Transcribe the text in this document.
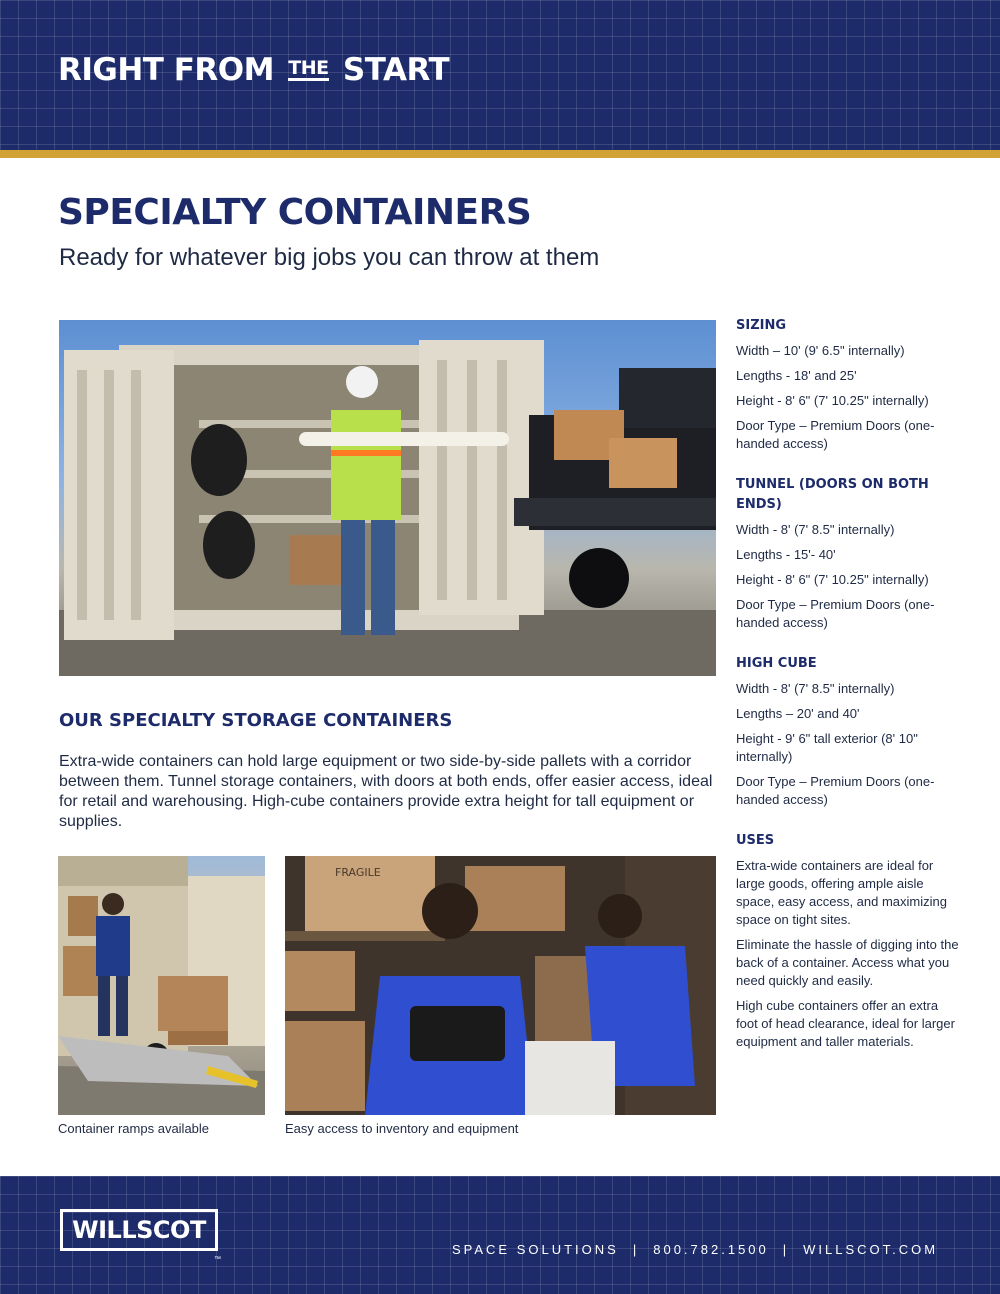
RIGHT FROM THE START
SPECIALTY CONTAINERS
Ready for whatever big jobs you can throw at them
OUR SPECIALTY STORAGE CONTAINERS
Extra-wide containers can hold large equipment or two side-by-side pallets with a corridor between them. Tunnel storage containers, with doors at both ends, offer easier access, ideal for retail and warehousing. High-cube containers provide extra height for tall equipment or supplies.
Container ramps available
FRAGILE
Easy access to inventory and equipment
SIZING
Width – 10' (9' 6.5" internally)
Lengths - 18' and 25'
Height - 8' 6" (7' 10.25" internally)
Door Type – Premium Doors (one-handed access)
TUNNEL (DOORS ON BOTH ENDS)
Width - 8' (7' 8.5" internally)
Lengths - 15'- 40'
Height - 8' 6" (7' 10.25" internally)
Door Type – Premium Doors (one-handed access)
HIGH CUBE
Width - 8' (7' 8.5" internally)
Lengths – 20' and 40'
Height - 9' 6" tall exterior (8' 10" internally)
Door Type – Premium Doors (one-handed access)
USES
Extra-wide containers are ideal for large goods, offering ample aisle space, easy access, and maximizing space on tight sites.
Eliminate the hassle of digging into the back of a container. Access what you need quickly and easily.
High cube containers offer an extra foot of head clearance, ideal for larger equipment and taller materials.
WILLSCOT
™
SPACE SOLUTIONS | 800.782.1500 | WILLSCOT.COM
